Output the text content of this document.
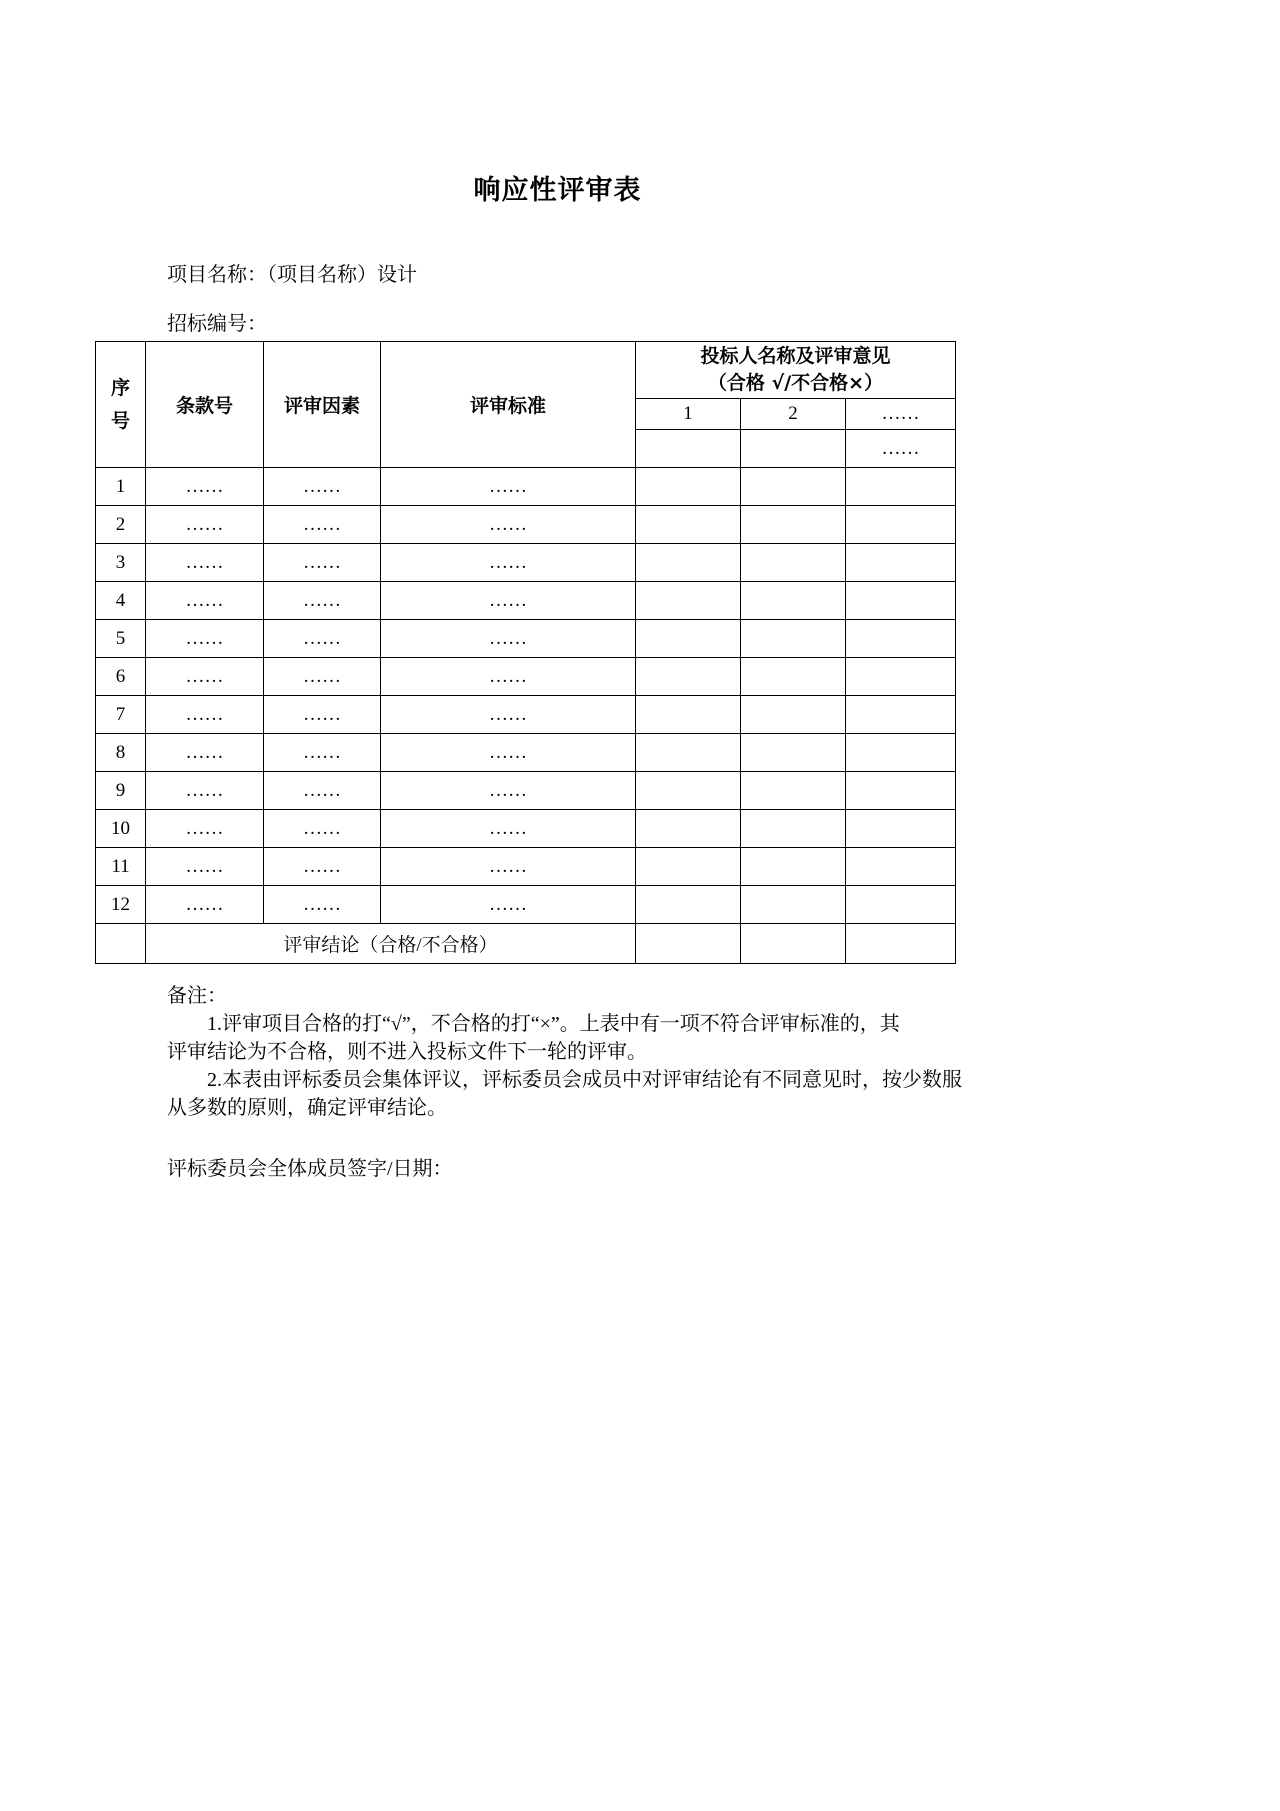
响应性评审表
项目名称：（项目名称）设计
招标编号：
序号	条款号	评审因素	评审标准	投标人名称及评审意见
（合格 √/不合格×）		

				1	2	……
						……
1	……	……	……			
2	……	……	……			
3	……	……	……			
4	……	……	……			
5	……	……	……			
6	……	……	……			
7	……	……	……			
8	……	……	……			
9	……	……	……			
10	……	……	……			
11	……	……	……			
12	……	……	……			
	评审结论（合格/不合格）					
备注：
1.评审项目合格的打“√”，不合格的打“×”。上表中有一项不符合评审标准的，其
评审结论为不合格，则不进入投标文件下一轮的评审。
2.本表由评标委员会集体评议，评标委员会成员中对评审结论有不同意见时，按少数服
从多数的原则，确定评审结论。
评标委员会全体成员签字/日期：
